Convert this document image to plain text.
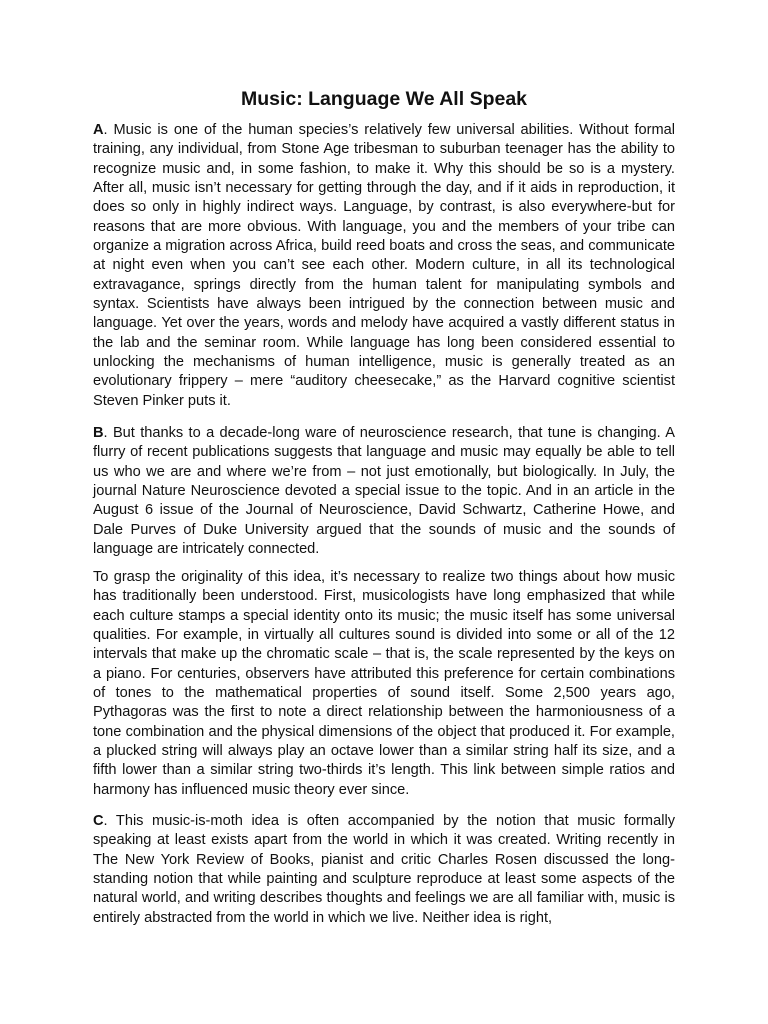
Music: Language We All Speak

A. Music is one of the human species’s relatively few universal abilities. Without formal training, any individual, from Stone Age tribesman to suburban teenager has the ability to recognize music and, in some fashion, to make it. Why this should be so is a mystery. After all, music isn’t necessary for getting through the day, and if it aids in reproduction, it does so only in highly indirect ways. Language, by contrast, is also everywhere-but for reasons that are more obvious. With language, you and the members of your tribe can organize a migration across Africa, build reed boats and cross the seas, and communicate at night even when you can’t see each other. Modern culture, in all its technological extravagance, springs directly from the human talent for manipulating symbols and syntax. Scientists have always been intrigued by the connection between music and language. Yet over the years, words and melody have acquired a vastly different status in the lab and the seminar room. While language has long been considered essential to unlocking the mechanisms of human intelligence, music is generally treated as an evolutionary frippery – mere “auditory cheesecake,” as the Harvard cognitive scientist Steven Pinker puts it.

B. But thanks to a decade-long ware of neuroscience research, that tune is changing. A flurry of recent publications suggests that language and music may equally be able to tell us who we are and where we’re from – not just emotionally, but biologically. In July, the journal Nature Neuroscience devoted a special issue to the topic. And in an article in the August 6 issue of the Journal of Neuroscience, David Schwartz, Catherine Howe, and Dale Purves of Duke University argued that the sounds of music and the sounds of language are intricately connected.

To grasp the originality of this idea, it’s necessary to realize two things about how music has traditionally been understood. First, musicologists have long emphasized that while each culture stamps a special identity onto its music; the music itself has some universal qualities. For example, in virtually all cultures sound is divided into some or all of the 12 intervals that make up the chromatic scale – that is, the scale represented by the keys on a piano. For centuries, observers have attributed this preference for certain combinations of tones to the mathematical properties of sound itself. Some 2,500 years ago, Pythagoras was the first to note a direct relationship between the harmoniousness of a tone combination and the physical dimensions of the object that produced it. For example, a plucked string will always play an octave lower than a similar string half its size, and a fifth lower than a similar string two-thirds it’s length. This link between simple ratios and harmony has influenced music theory ever since.

C. This music-is-moth idea is often accompanied by the notion that music formally speaking at least exists apart from the world in which it was created. Writing recently in The New York Review of Books, pianist and critic Charles Rosen discussed the long-standing notion that while painting and sculpture reproduce at least some aspects of the natural world, and writing describes thoughts and feelings we are all familiar with, music is entirely abstracted from the world in which we live. Neither idea is right,
